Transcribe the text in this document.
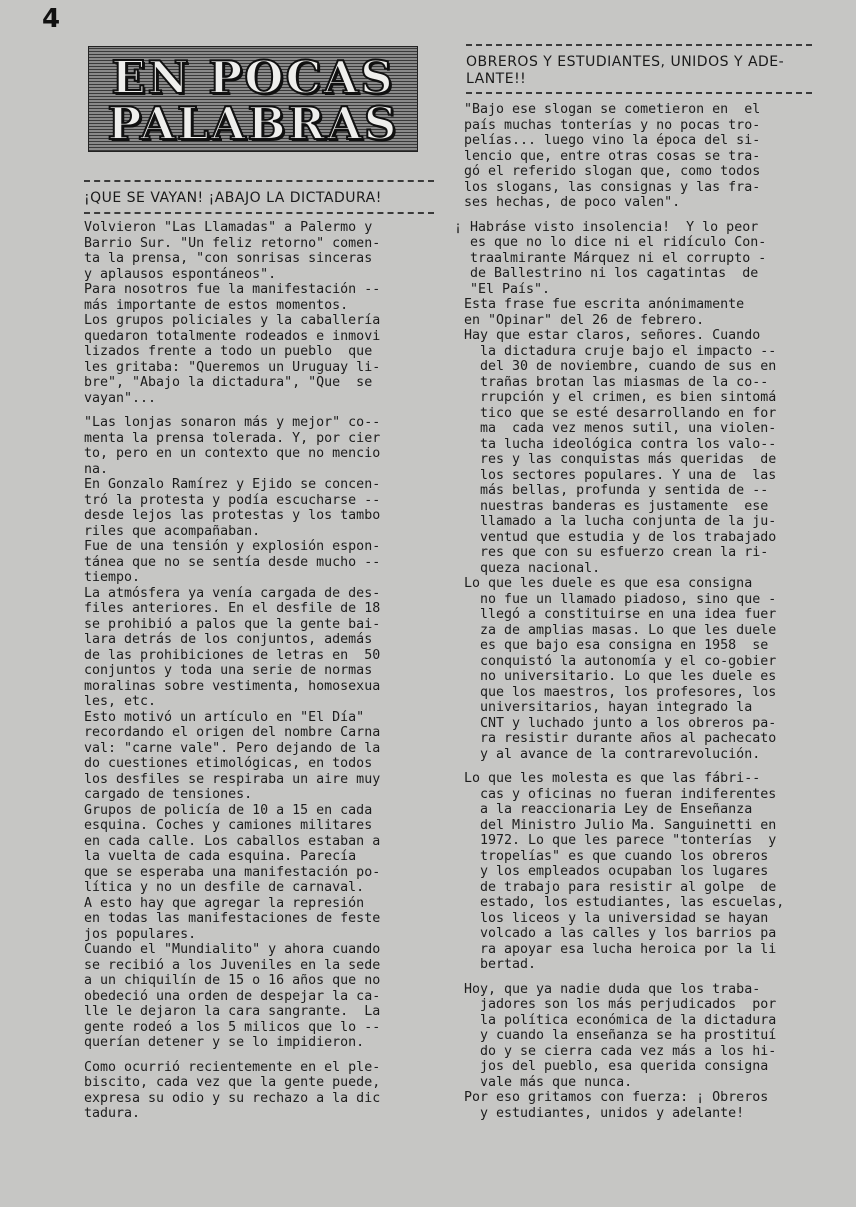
4
EN POCAS
PALABRAS
¡QUE SE VAYAN! ¡ABAJO LA DICTADURA!

Volvieron "Las Llamadas" a Palermo y
Barrio Sur. "Un feliz retorno" comen-
ta la prensa, "con sonrisas sinceras
y aplausos espontáneos".

Para nosotros fue la manifestación --
más importante de estos momentos.

Los grupos policiales y la caballería
quedaron totalmente rodeados e inmovi
lizados frente a todo un pueblo  que
les gritaba: "Queremos un Uruguay li-
bre", "Abajo la dictadura", "Que  se
vayan"...

"Las lonjas sonaron más y mejor" co--
menta la prensa tolerada. Y, por cier
to, pero en un contexto que no mencio
na.

En Gonzalo Ramírez y Ejido se concen-
tró la protesta y podía escucharse --
desde lejos las protestas y los tambo
riles que acompañaban.

Fue de una tensión y explosión espon-
tánea que no se sentía desde mucho --
tiempo.

La atmósfera ya venía cargada de des-
files anteriores. En el desfile de 18
se prohibió a palos que la gente bai-
lara detrás de los conjuntos, además
de las prohibiciones de letras en  50
conjuntos y toda una serie de normas
moralinas sobre vestimenta, homosexua
les, etc.

Esto motivó un artículo en "El Día"
recordando el origen del nombre Carna
val: "carne vale". Pero dejando de la
do cuestiones etimológicas, en todos
los desfiles se respiraba un aire muy
cargado de tensiones.

Grupos de policía de 10 a 15 en cada
esquina. Coches y camiones militares
en cada calle. Los caballos estaban a
la vuelta de cada esquina. Parecía
que se esperaba una manifestación po-
lítica y no un desfile de carnaval.

A esto hay que agregar la represión
en todas las manifestaciones de feste
jos populares.

Cuando el "Mundialito" y ahora cuando
se recibió a los Juveniles en la sede
a un chiquilín de 15 o 16 años que no
obedeció una orden de despejar la ca-
lle le dejaron la cara sangrante.  La
gente rodeó a los 5 milicos que lo --
querían detener y se lo impidieron.

Como ocurrió recientemente en el ple-
biscito, cada vez que la gente puede,
expresa su odio y su rechazo a la dic
tadura.

OBREROS Y ESTUDIANTES, UNIDOS Y ADE-
LANTE!!

"Bajo ese slogan se cometieron en  el
país muchas tonterías y no pocas tro-
pelías... luego vino la época del si-
lencio que, entre otras cosas se tra-
gó el referido slogan que, como todos
los slogans, las consignas y las fra-
ses hechas, de poco valen".

¡ Habráse visto insolencia!  Y lo peor
es que no lo dice ni el ridículo Con-
traalmirante Márquez ni el corrupto -
de Ballestrino ni los cagatintas  de
"El País".

Esta frase fue escrita anónimamente
en "Opinar" del 26 de febrero.

Hay que estar claros, señores. Cuando
la dictadura cruje bajo el impacto --
del 30 de noviembre, cuando de sus en
trañas brotan las miasmas de la co--
rrupción y el crimen, es bien sintomá
tico que se esté desarrollando en for
ma  cada vez menos sutil, una violen-
ta lucha ideológica contra los valo--
res y las conquistas más queridas  de
los sectores populares. Y una de  las
más bellas, profunda y sentida de --
nuestras banderas es justamente  ese
llamado a la lucha conjunta de la ju-
ventud que estudia y de los trabajado
res que con su esfuerzo crean la ri-
queza nacional.

Lo que les duele es que esa consigna
no fue un llamado piadoso, sino que -
llegó a constituirse en una idea fuer
za de amplias masas. Lo que les duele
es que bajo esa consigna en 1958  se
conquistó la autonomía y el co-gobier
no universitario. Lo que les duele es
que los maestros, los profesores, los
universitarios, hayan integrado la
CNT y luchado junto a los obreros pa-
ra resistir durante años al pachecato
y al avance de la contrarevolución.

Lo que les molesta es que las fábri--
cas y oficinas no fueran indiferentes
a la reaccionaria Ley de Enseñanza
del Ministro Julio Ma. Sanguinetti en
1972. Lo que les parece "tonterías  y
tropelías" es que cuando los obreros
y los empleados ocupaban los lugares
de trabajo para resistir al golpe  de
estado, los estudiantes, las escuelas,
los liceos y la universidad se hayan
volcado a las calles y los barrios pa
ra apoyar esa lucha heroica por la li
bertad.

Hoy, que ya nadie duda que los traba-
jadores son los más perjudicados  por
la política económica de la dictadura
y cuando la enseñanza se ha prostituí
do y se cierra cada vez más a los hi-
jos del pueblo, esa querida consigna
vale más que nunca.

Por eso gritamos con fuerza: ¡ Obreros
y estudiantes, unidos y adelante!
